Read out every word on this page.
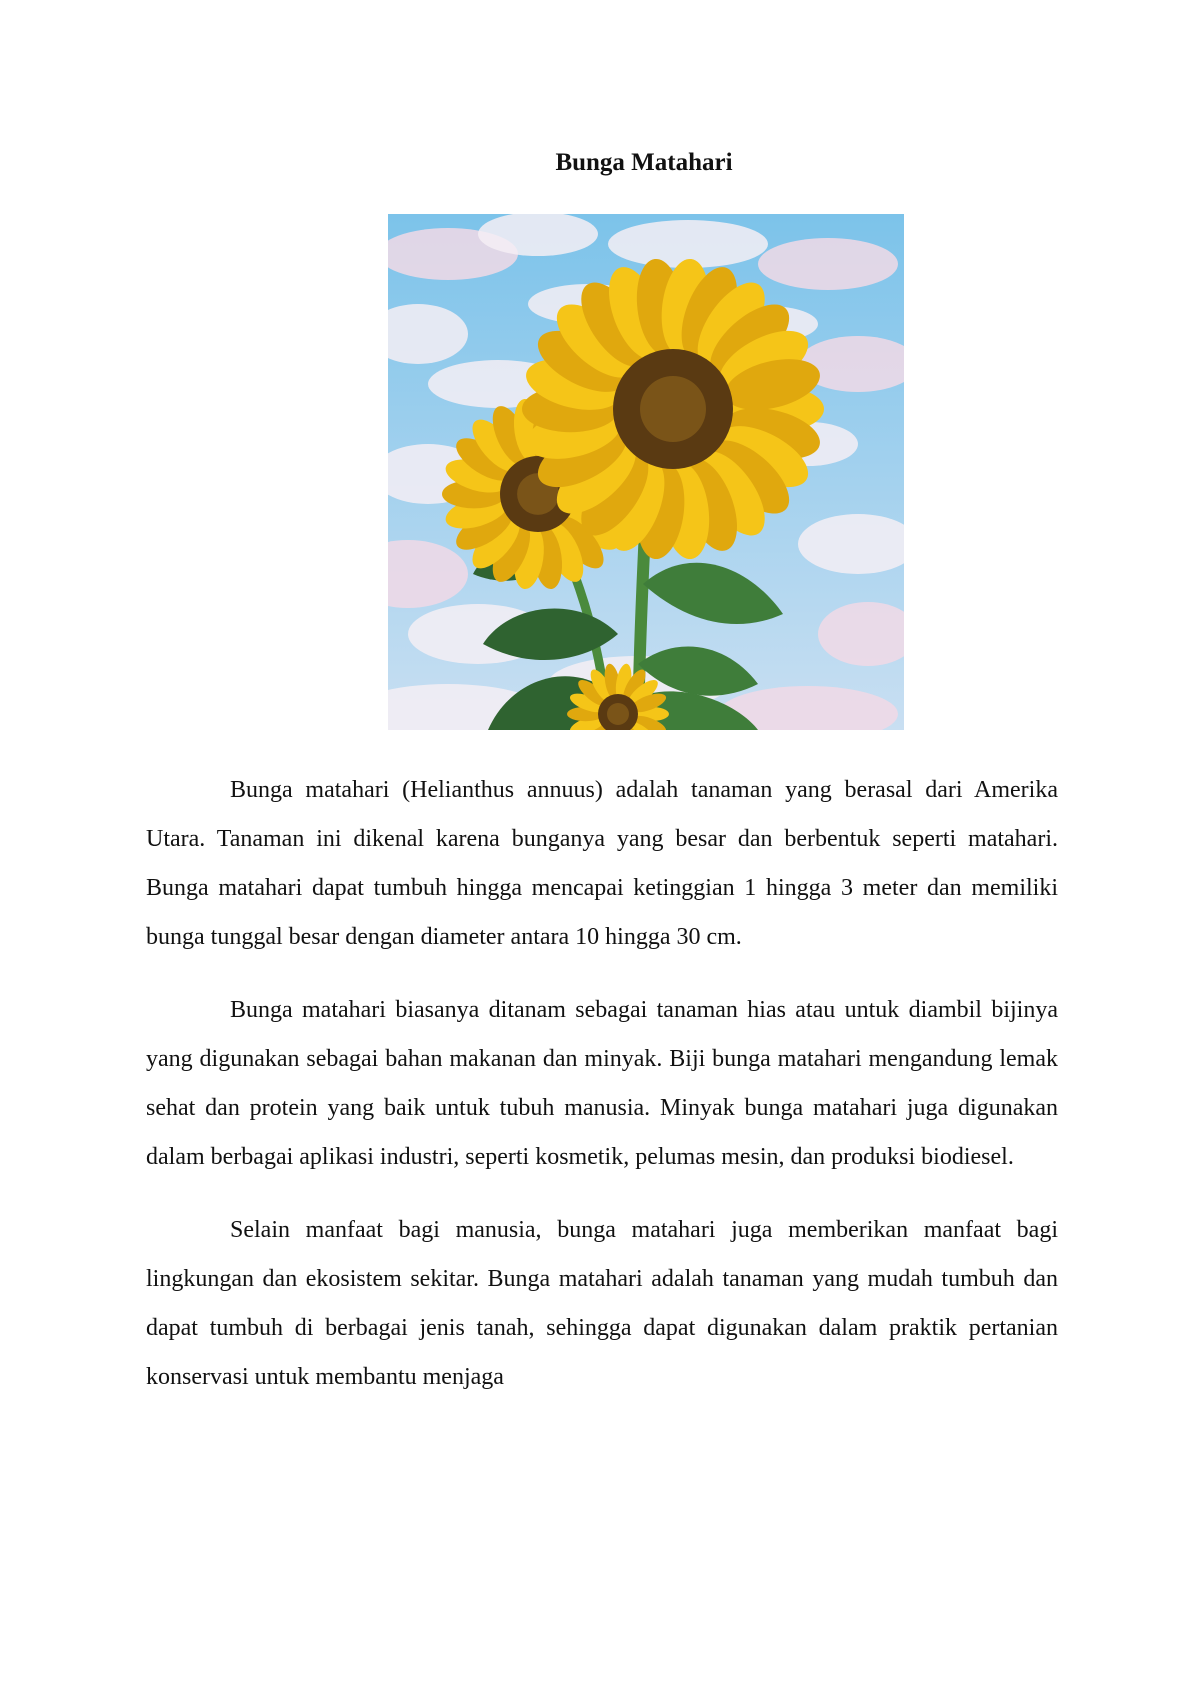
Bunga Matahari

Bunga matahari (Helianthus annuus) adalah tanaman yang berasal dari Amerika Utara. Tanaman ini dikenal karena bunganya yang besar dan berbentuk seperti matahari. Bunga matahari dapat tumbuh hingga mencapai ketinggian 1 hingga 3 meter dan memiliki bunga tunggal besar dengan diameter antara 10 hingga 30 cm.

Bunga matahari biasanya ditanam sebagai tanaman hias atau untuk diambil bijinya yang digunakan sebagai bahan makanan dan minyak. Biji bunga matahari mengandung lemak sehat dan protein yang baik untuk tubuh manusia. Minyak bunga matahari juga digunakan dalam berbagai aplikasi industri, seperti kosmetik, pelumas mesin, dan produksi biodiesel.

Selain manfaat bagi manusia, bunga matahari juga memberikan manfaat bagi lingkungan dan ekosistem sekitar. Bunga matahari adalah tanaman yang mudah tumbuh dan dapat tumbuh di berbagai jenis tanah, sehingga dapat digunakan dalam praktik pertanian konservasi untuk membantu menjaga
